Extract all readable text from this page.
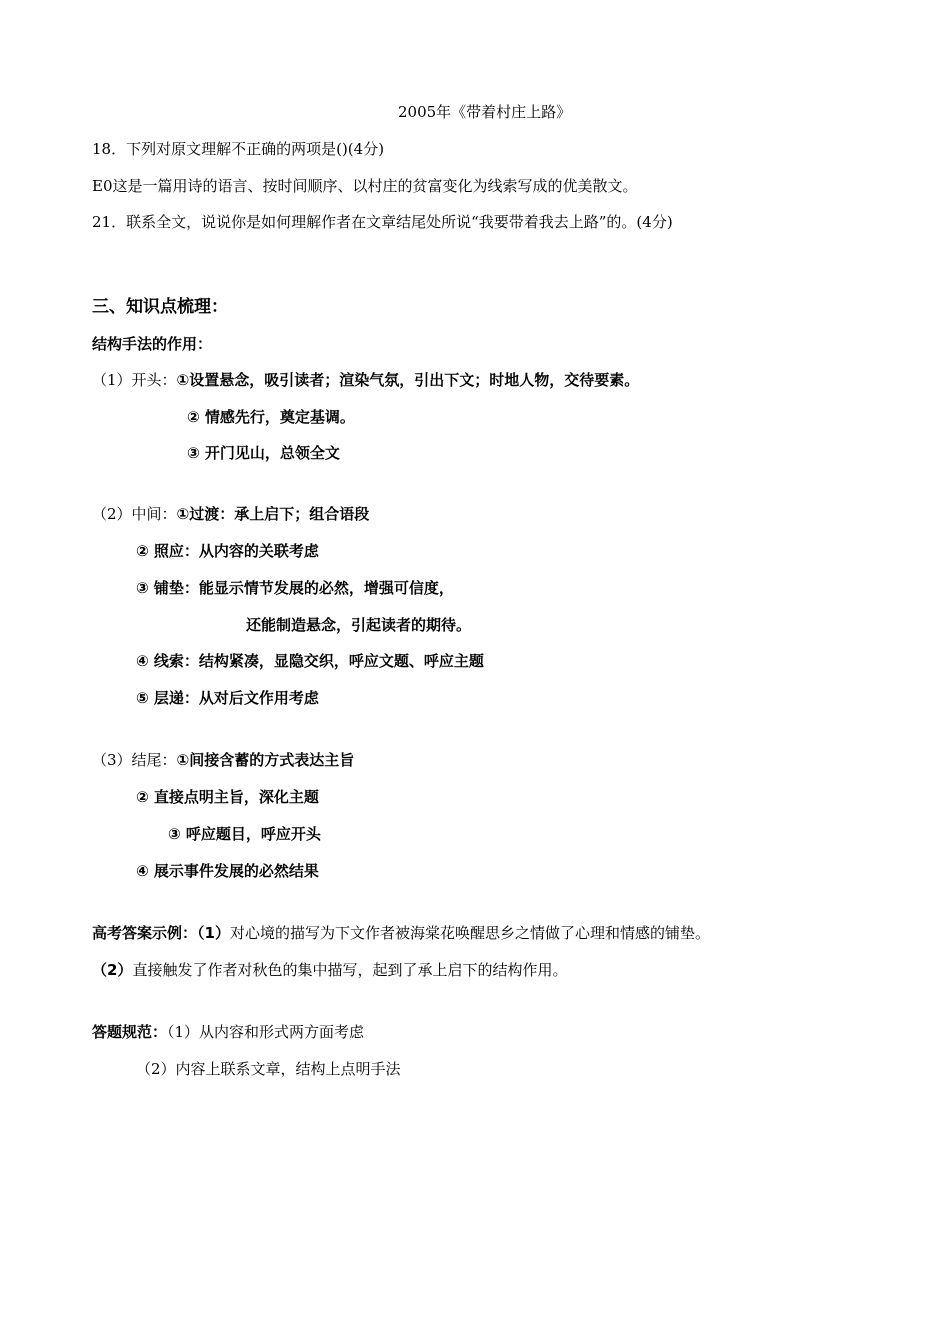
2005年《带着村庄上路》
18．下列对原文理解不正确的两项是()(4分)
E0这是一篇用诗的语言、按时间顺序、以村庄的贫富变化为线索写成的优美散文。
21．联系全文，说说你是如何理解作者在文章结尾处所说“我要带着我去上路”的。(4分)
三、知识点梳理：
结构手法的作用：
（1）开头：①设置悬念，吸引读者；渲染气氛，引出下文；时地人物，交待要素。
② 情感先行，奠定基调。
③ 开门见山，总领全文
（2）中间：①过渡：承上启下；组合语段
② 照应：从内容的关联考虑
③ 铺垫：能显示情节发展的必然，增强可信度，
还能制造悬念，引起读者的期待。
④ 线索：结构紧凑，显隐交织，呼应文题、呼应主题
⑤ 层递：从对后文作用考虑
（3）结尾：①间接含蓄的方式表达主旨
② 直接点明主旨，深化主题
③ 呼应题目，呼应开头
④ 展示事件发展的必然结果
高考答案示例：（1）对心境的描写为下文作者被海棠花唤醒思乡之情做了心理和情感的铺垫。
（2）直接触发了作者对秋色的集中描写，起到了承上启下的结构作用。
答题规范：（1）从内容和形式两方面考虑
（2）内容上联系文章，结构上点明手法
